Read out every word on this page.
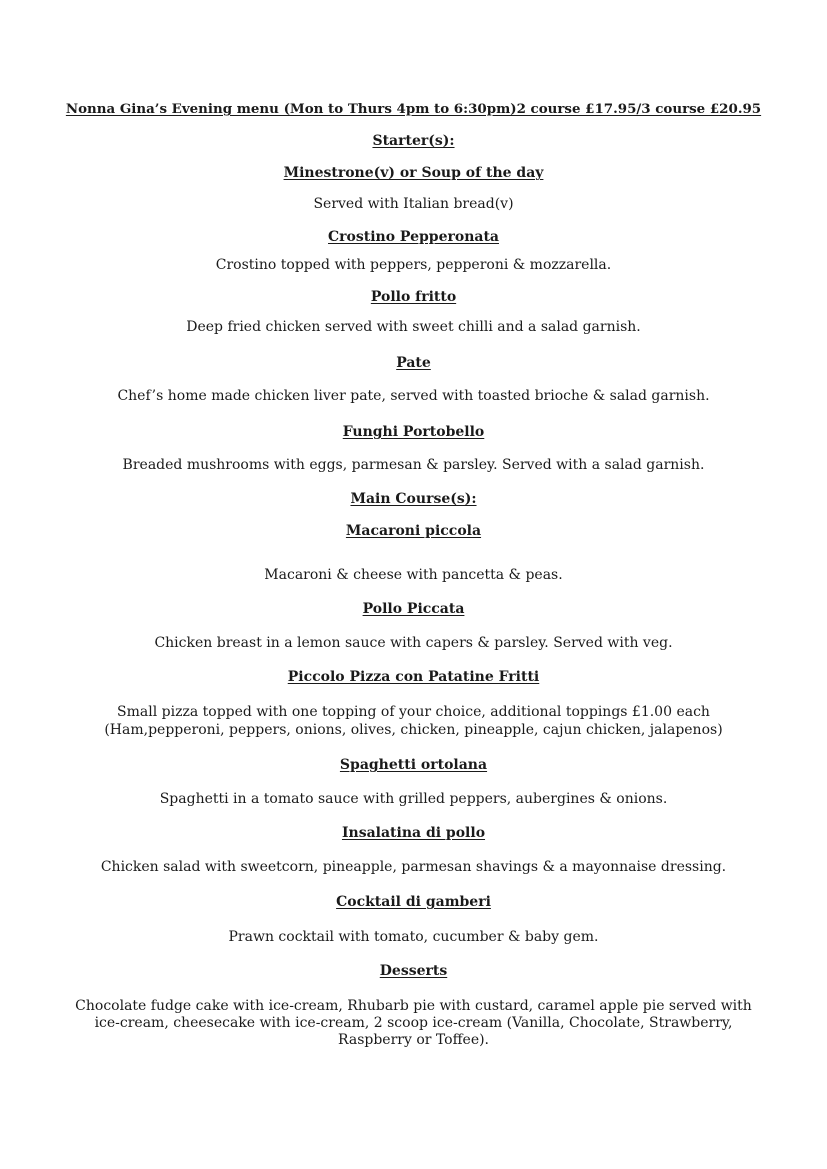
Nonna Gina’s Evening menu (Mon to Thurs 4pm to 6:30pm)2 course £17.95/3 course £20.95
Starter(s):
Minestrone(v) or Soup of the day
Served with Italian bread(v)
Crostino Pepperonata
Crostino topped with peppers, pepperoni & mozzarella.
Pollo fritto
Deep fried chicken served with sweet chilli and a salad garnish.
Pate
Chef’s home made chicken liver pate, served with toasted brioche & salad garnish.
Funghi Portobello
Breaded mushrooms with eggs, parmesan & parsley. Served with a salad garnish.
Main Course(s):
Macaroni piccola
Macaroni & cheese with pancetta & peas.
Pollo Piccata
Chicken breast in a lemon sauce with capers & parsley. Served with veg.
Piccolo Pizza con Patatine Fritti
Small pizza topped with one topping of your choice, additional toppings £1.00 each
(Ham,pepperoni, peppers, onions, olives, chicken, pineapple, cajun chicken, jalapenos)
Spaghetti ortolana
Spaghetti in a tomato sauce with grilled peppers, aubergines & onions.
Insalatina di pollo
Chicken salad with sweetcorn, pineapple, parmesan shavings & a mayonnaise dressing.
Cocktail di gamberi
Prawn cocktail with tomato, cucumber & baby gem.
Desserts
Chocolate fudge cake with ice-cream, Rhubarb pie with custard, caramel apple pie served with
ice-cream, cheesecake with ice-cream, 2 scoop ice-cream (Vanilla, Chocolate, Strawberry,
Raspberry or Toffee).
